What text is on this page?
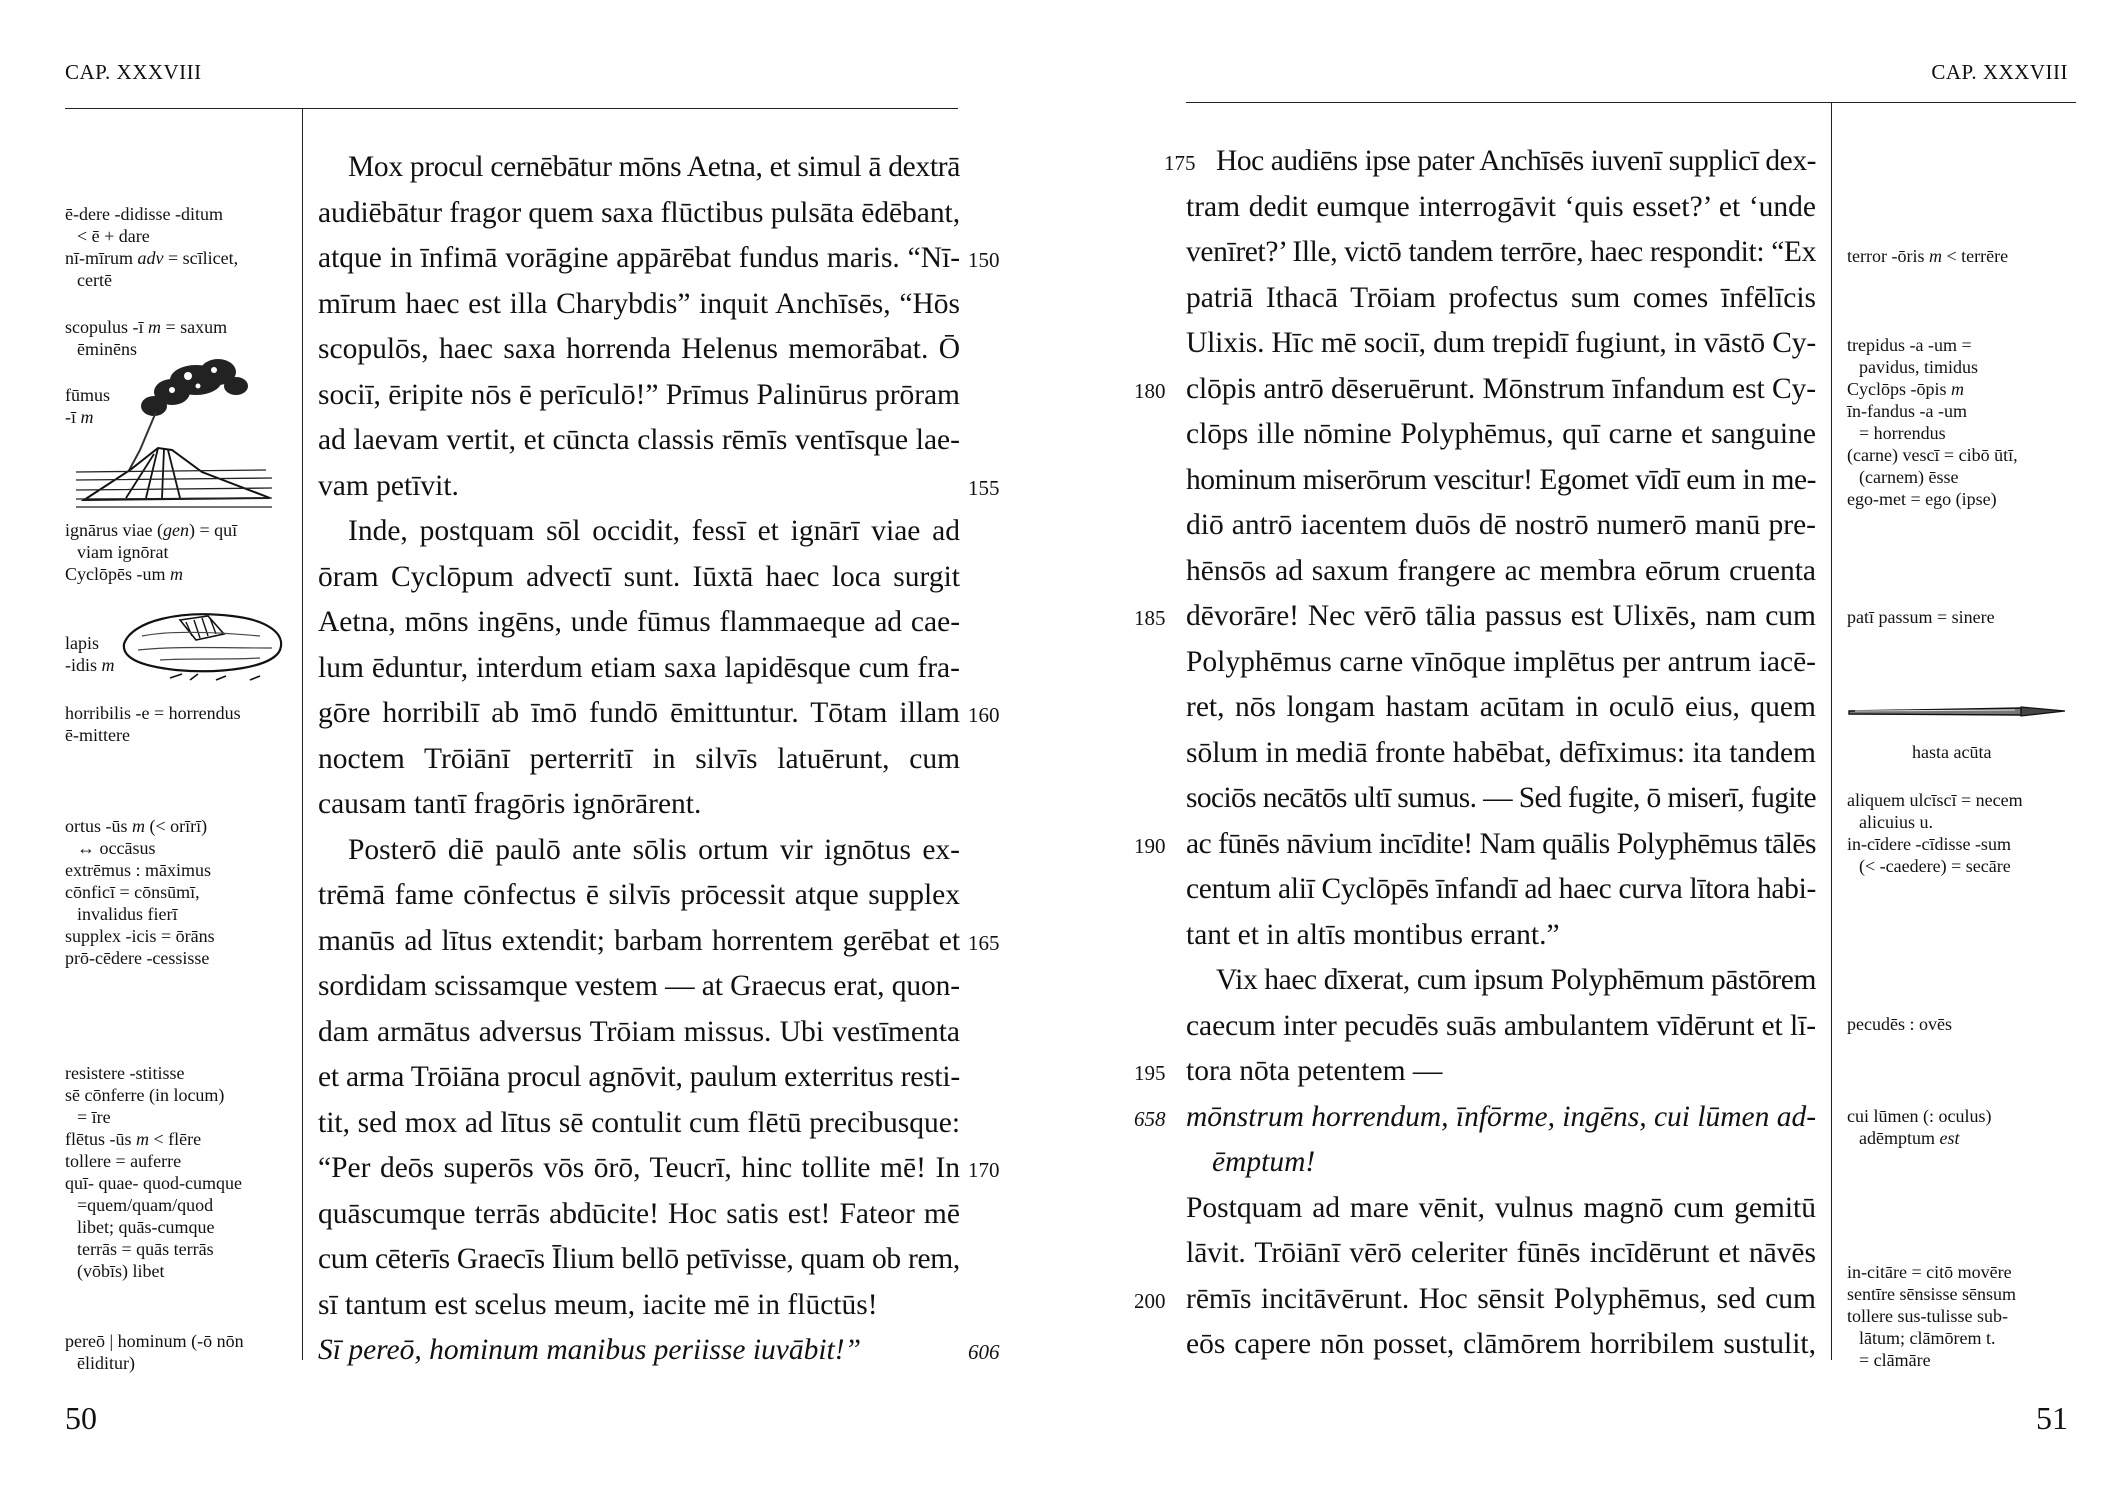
CAP. XXXVIII
ē-dere -didisse -ditum
< ē + dare
nī-mīrum adv = scīlicet,
certē
scopulus -ī m = saxum
ēminēns
fūmus
-ī m
ignārus viae (gen) = quī
viam ignōrat
Cyclōpēs -um m
lapis
-idis m
horribilis -e = horrendus
ē-mittere
ortus -ūs m (< orīrī)
↔ occāsus
extrēmus : māximus
cōnficī = cōnsūmī,
invalidus fierī
supplex -icis = ōrāns
prō-cēdere -cessisse
resistere -stitisse
sē cōnferre (in locum)
= īre
flētus -ūs m < flēre
tollere = auferre
quī- quae- quod-cumque
=quem/quam/quod
libet; quās-cumque
terrās = quās terrās
(vōbīs) libet
pereō | hominum (-ō nōn
ēliditur)
Mox procul cernēbātur mōns Aetna, et simul ā dextrā
audiēbātur fragor quem saxa flūctibus pulsāta ēdēbant,
atque in īnfimā vorāgine appārēbat fundus maris. “Nī- 150
mīrum haec est illa Charybdis” inquit Anchīsēs, “Hōs
scopulōs, haec saxa horrenda Helenus memorābat. Ō
sociī, ēripite nōs ē perīculō!” Prīmus Palinūrus prōram
ad laevam vertit, et cūncta classis rēmīs ventīsque lae-
vam petīvit.	155
Inde, postquam sōl occidit, fessī et ignārī viae ad
ōram Cyclōpum advectī sunt. Iūxtā haec loca surgit
Aetna, mōns ingēns, unde fūmus flammaeque ad cae-
lum ēduntur, interdum etiam saxa lapidēsque cum fra-
gōre horribilī ab īmō fundō ēmittuntur. Tōtam illam 160
noctem Trōiānī perterritī in silvīs latuērunt, cum
causam tantī fragōris ignōrārent.
Posterō diē paulō ante sōlis ortum vir ignōtus ex-
trēmā fame cōnfectus ē silvīs prōcessit atque supplex
manūs ad lītus extendit; barbam horrentem gerēbat et 165
sordidam scissamque vestem — at Graecus erat, quon-
dam armātus adversus Trōiam missus. Ubi vestīmenta
et arma Trōiāna procul agnōvit, paulum exterritus resti-
tit, sed mox ad lītus sē contulit cum flētū precibusque:
“Per deōs superōs vōs ōrō, Teucrī, hinc tollite mē! In 170
quāscumque terrās abdūcite! Hoc satis est! Fateor mē
cum cēterīs Graecīs Īlium bellō petīvisse, quam ob rem,
sī tantum est scelus meum, iacite mē in flūctūs!
Sī pereō, hominum manibus periisse iuvābit!”	606
50
CAP. XXXVIII
Hoc audiēns ipse pater Anchīsēs iuvenī supplicī dex-
175
tram dedit eumque interrogāvit ‘quis esset?’ et ‘unde
venīret?’ Ille, victō tandem terrōre, haec respondit: “Ex
patriā Ithacā Trōiam profectus sum comes īnfēlīcis
Ulixis. Hīc mē sociī, dum trepidī fugiunt, in vāstō Cy-
clōpis antrō dēseruērunt. Mōnstrum īnfandum est Cy-
180
clōps ille nōmine Polyphēmus, quī carne et sanguine
hominum miserōrum vescitur! Egomet vīdī eum in me-
diō antrō iacentem duōs dē nostrō numerō manū pre-
hēnsōs ad saxum frangere ac membra eōrum cruenta
dēvorāre! Nec vērō tālia passus est Ulixēs, nam cum
185
Polyphēmus carne vīnōque implētus per antrum iacē-
ret, nōs longam hastam acūtam in oculō eius, quem
sōlum in mediā fronte habēbat, dēfīximus: ita tandem
sociōs necātōs ultī sumus. — Sed fugite, ō miserī, fugite
ac fūnēs nāvium incīdite! Nam quālis Polyphēmus tālēs
190
centum aliī Cyclōpēs īnfandī ad haec curva lītora habi-
tant et in altīs montibus errant.”
Vix haec dīxerat, cum ipsum Polyphēmum pāstōrem
caecum inter pecudēs suās ambulantem vīdērunt et lī-
tora nōta petentem —
195
mōnstrum horrendum, īnfōrme, ingēns, cui lūmen ad-
658
ēmptum!
Postquam ad mare vēnit, vulnus magnō cum gemitū
lāvit. Trōiānī vērō celeriter fūnēs incīdērunt et nāvēs
rēmīs incitāvērunt. Hoc sēnsit Polyphēmus, sed cum
200
eōs capere nōn posset, clāmōrem horribilem sustulit,
terror -ōris m < terrēre
trepidus -a -um =
pavidus, timidus
Cyclōps -ōpis m
īn-fandus -a -um
= horrendus
(carne) vescī = cibō ūtī,
(carnem) ēsse
ego-met = ego (ipse)
patī passum = sinere
hasta acūta
aliquem ulcīscī = necem
alicuius u.
in-cīdere -cīdisse -sum
(< -caedere) = secāre
pecudēs : ovēs
cui lūmen (: oculus)
adēmptum est
in-citāre = citō movēre
sentīre sēnsisse sēnsum
tollere sus-tulisse sub-
lātum; clāmōrem t.
= clāmāre
51
